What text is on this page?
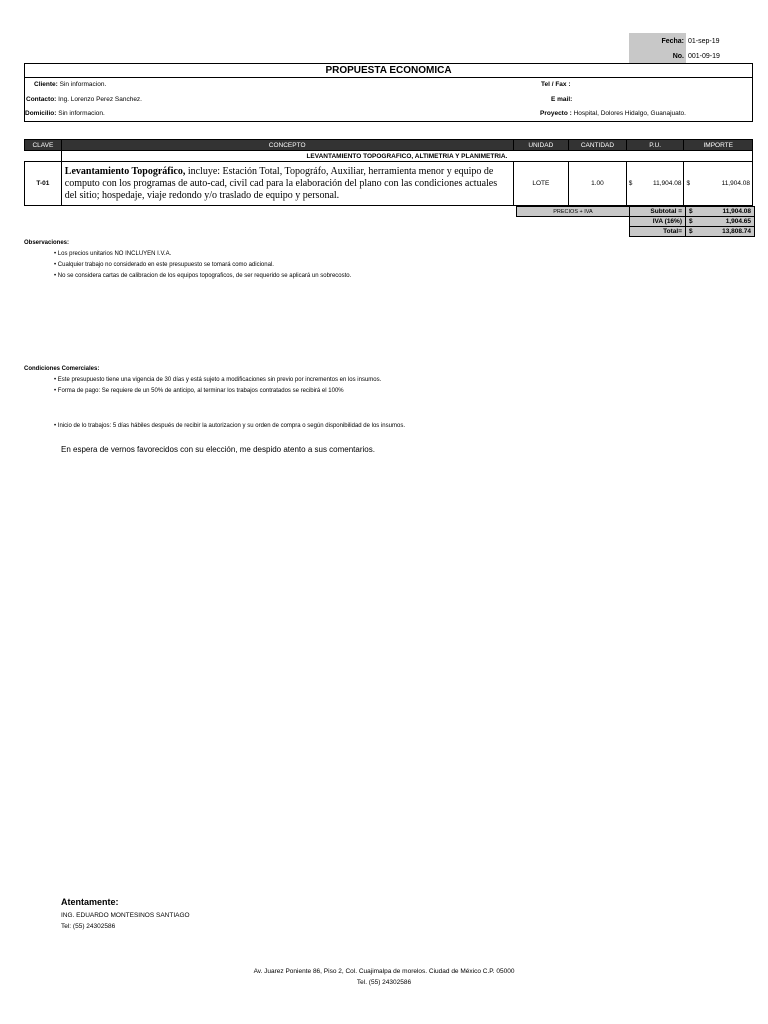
Fecha: 01-sep-19
No. 001-09-19
PROPUESTA ECONOMICA
Cliente: Sin informacion.
Contacto: Ing. Lorenzo Perez Sanchez.
Domicilio: Sin informacion.
Tel / Fax :
E mail:
Proyecto : Hospital, Dolores Hidalgo, Guanajuato.
CLAVE	CONCEPTO	UNIDAD	CANTIDAD	P.U.	IMPORTE
	LEVANTAMIENTO TOPOGRAFICO, ALTIMETRIA Y PLANIMETRIA.				
T-01	Levantamiento Topográfico, incluye: Estación Total, Topográfo, Auxiliar, herramienta menor y equipo de computo con los programas de auto-cad, civil cad para la elaboración del plano con las condiciones actuales del sitio; hospedaje, viaje redondo y/o traslado de equipo y personal.	LOTE	1.00	$ 11,904.08	$ 11,904.08
PRECIOS + IVA	Subtotal =	$ 11,904.08
	IVA (16%)	$ 1,904.65
	Total=	$ 13,808.74
Observaciones:
• Los precios unitarios NO INCLUYEN I.V.A.
• Cualquier trabajo no considerado en este presupuesto se tomará como adicional.
• No se considera cartas de calibracion de los equipos topograficos, de ser requerido se aplicará un sobrecosto.
Condiciones Comerciales:
• Este presupuesto tiene una vigencia de 30 días y está sujeto a modificaciones sin previo por incrementos en los insumos.
• Forma de pago: Se requiere de un 50% de anticipo, al terminar los trabajos contratados se recibirá el 100%
• Inicio de lo trabajos: 5 días hábiles después de recibir la autorizacion y su orden de compra o según disponibilidad de los insumos.
En espera de vernos favorecidos con su elección, me despido atento a sus comentarios.
Atentamente:
ING. EDUARDO MONTESINOS SANTIAGO
Tel: (55) 24302586
Av. Juarez Poniente 86, Piso 2, Col. Cuajimalpa de morelos. Ciudad de México C.P. 05000
Tel. (55) 24302586
